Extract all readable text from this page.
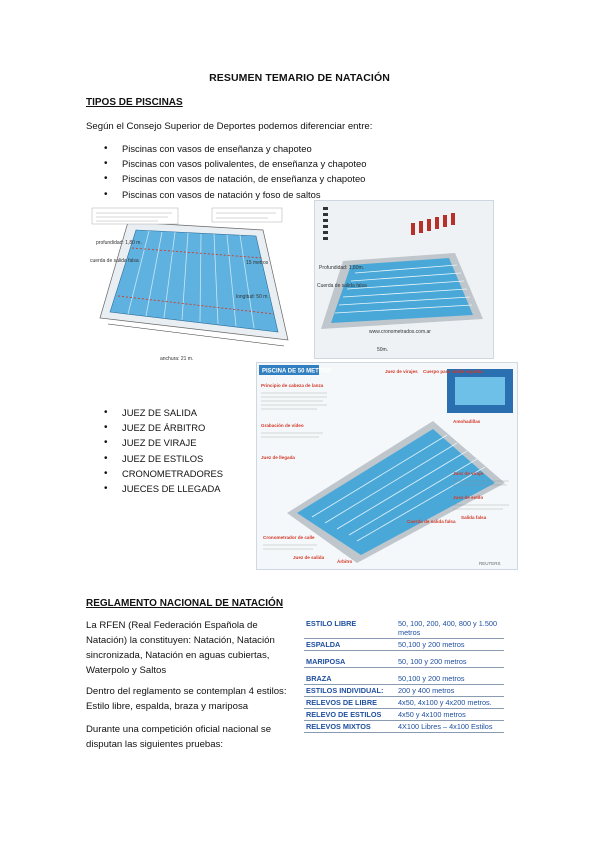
RESUMEN TEMARIO DE NATACIÓN
TIPOS DE PISCINAS
Según el Consejo Superior de Deportes podemos diferenciar entre:
• Piscinas con vasos de enseñanza y chapoteo
• Piscinas con vasos polivalentes, de enseñanza y chapoteo
• Piscinas con vasos de natación, de enseñanza y chapoteo
• Piscinas con vasos de natación y foso de saltos
profundidad: 1,80 m.
cuerda de salida falsa
anchura: 21 m.
longitud: 50 m.
15 metros
Profundidad: 1,80m.
Cuerda de salida falsa
50m.
www.cronometrados.com.ar
• JUEZ DE SALIDA
• JUEZ DE ÁRBITRO
• JUEZ DE VIRAJE
• JUEZ DE ESTILOS
• CRONOMETRADORES
• JUECES DE LLEGADA
PISCINA DE 50 METROS
Principio de cabeza de lanza
Juez de virajes Cuerpo para salida espalda
Grabación de vídeo
Juez de llegada
Juez de viraje
Juez de estilo
Cuerda de salida falsa
Salida falsa
Cronometrador de calle
Juez de salida
Árbitro
Amohadillas
REUTERS
REGLAMENTO NACIONAL DE NATACIÓN
La RFEN (Real Federación Española de Natación) la constituyen: Natación, Natación sincronizada, Natación en aguas cubiertas, Waterpolo y Saltos
Dentro del reglamento se contemplan 4 estilos: Estilo libre, espalda, braza y mariposa
Durante una competición oficial nacional se disputan las siguientes pruebas:
ESTILO LIBRE	50, 100, 200, 400, 800 y 1.500 metros
ESPALDA	50,100 y 200 metros
MARIPOSA	50, 100 y 200 metros
BRAZA	50,100 y 200 metros
ESTILOS INDIVIDUAL:	200 y 400 metros
RELEVOS DE LIBRE	4x50, 4x100 y 4x200 metros.
RELEVO DE ESTILOS	4x50 y 4x100 metros
RELEVOS MIXTOS	4X100 Libres – 4x100 Estilos
